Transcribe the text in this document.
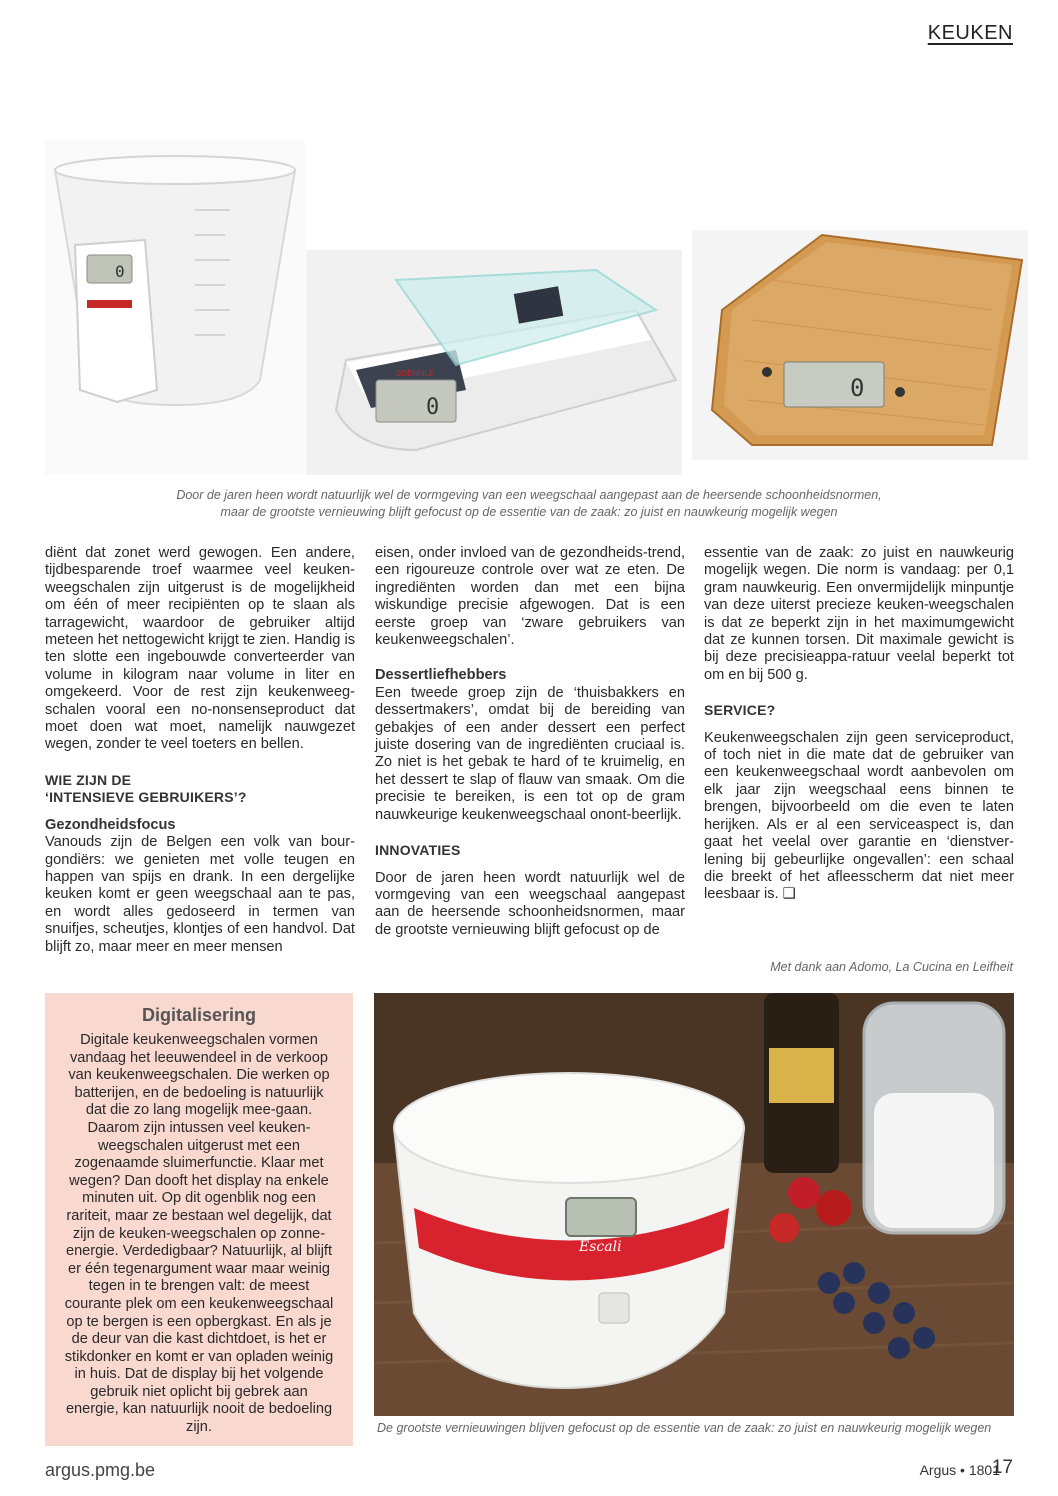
KEUKEN
0
0
SOEHNLE
0
Door de jaren heen wordt natuurlijk wel de vormgeving van een weegschaal aangepast aan de heersende schoonheidsnormen,
maar de grootste vernieuwing blijft gefocust op de essentie van de zaak: zo juist en nauwkeurig mogelijk wegen

diënt dat zonet werd gewogen. Een andere, tijdbesparende troef waarmee veel keuken-weegschalen zijn uitgerust is de mogelijkheid om één of meer recipiënten op te slaan als tarragewicht, waardoor de gebruiker altijd meteen het nettogewicht krijgt te zien. Handig is ten slotte een ingebouwde converteerder van volume in kilogram naar volume in liter en omgekeerd. Voor de rest zijn keukenweeg-schalen vooral een no-nonsenseproduct dat moet doen wat moet, namelijk nauwgezet wegen, zonder te veel toeters en bellen.

WIE ZIJN DE
‘INTENSIEVE GEBRUIKERS’?
Gezondheidsfocus

Vanouds zijn de Belgen een volk van bour-gondiërs: we genieten met volle teugen en happen van spijs en drank. In een dergelijke keuken komt er geen weegschaal aan te pas, en wordt alles gedoseerd in termen van snuifjes, scheutjes, klontjes of een handvol. Dat blijft zo, maar meer en meer mensen

eisen, onder invloed van de gezondheids-trend, een rigoureuze controle over wat ze eten. De ingrediënten worden dan met een bijna wiskundige precisie afgewogen. Dat is een eerste groep van ‘zware gebruikers van keukenweegschalen’.

Dessertliefhebbers

Een tweede groep zijn de ‘thuisbakkers en dessertmakers’, omdat bij de bereiding van gebakjes of een ander dessert een perfect juiste dosering van de ingrediënten cruciaal is. Zo niet is het gebak te hard of te kruimelig, en het dessert te slap of flauw van smaak. Om die precisie te bereiken, is een tot op de gram nauwkeurige keukenweegschaal onont-beerlijk.

INNOVATIES

Door de jaren heen wordt natuurlijk wel de vormgeving van een weegschaal aangepast aan de heersende schoonheidsnormen, maar de grootste vernieuwing blijft gefocust op de

essentie van de zaak: zo juist en nauwkeurig mogelijk wegen. Die norm is vandaag: per 0,1 gram nauwkeurig. Een onvermijdelijk minpuntje van deze uiterst precieze keuken-weegschalen is dat ze beperkt zijn in het maximumgewicht dat ze kunnen torsen. Dit maximale gewicht is bij deze precisieappa-ratuur veelal beperkt tot om en bij 500 g.

SERVICE?

Keukenweegschalen zijn geen serviceproduct, of toch niet in die mate dat de gebruiker van een keukenweegschaal wordt aanbevolen om elk jaar zijn weegschaal eens binnen te brengen, bijvoorbeeld om die even te laten herijken. Als er al een serviceaspect is, dan gaat het veelal over garantie en ‘dienstver-lening bij gebeurlijke ongevallen’: een schaal die breekt of het afleesscherm dat niet meer leesbaar is. ❑

Met dank aan Adomo, La Cucina en Leifheit
Digitalisering

Digitale keukenweegschalen vormen vandaag het leeuwendeel in de verkoop van keukenweegschalen. Die werken op batterijen, en de bedoeling is natuurlijk dat die zo lang mogelijk mee-gaan. Daarom zijn intussen veel keuken-weegschalen uitgerust met een zogenaamde sluimerfunctie. Klaar met wegen? Dan dooft het display na enkele minuten uit. Op dit ogenblik nog een rariteit, maar ze bestaan wel degelijk, dat zijn de keuken-weegschalen op zonne-energie. Verdedigbaar? Natuurlijk, al blijft er één tegenargument waar maar weinig tegen in te brengen valt: de meest courante plek om een keukenweegschaal op te bergen is een opbergkast. En als je de deur van die kast dichtdoet, is het er stikdonker en komt er van opladen weinig in huis. Dat de display bij het volgende gebruik niet oplicht bij gebrek aan energie, kan natuurlijk nooit de bedoeling zijn.

Escali
De grootste vernieuwingen blijven gefocust op de essentie van de zaak: zo juist en nauwkeurig mogelijk wegen
argus.pmg.be	Argus • 1801
17
